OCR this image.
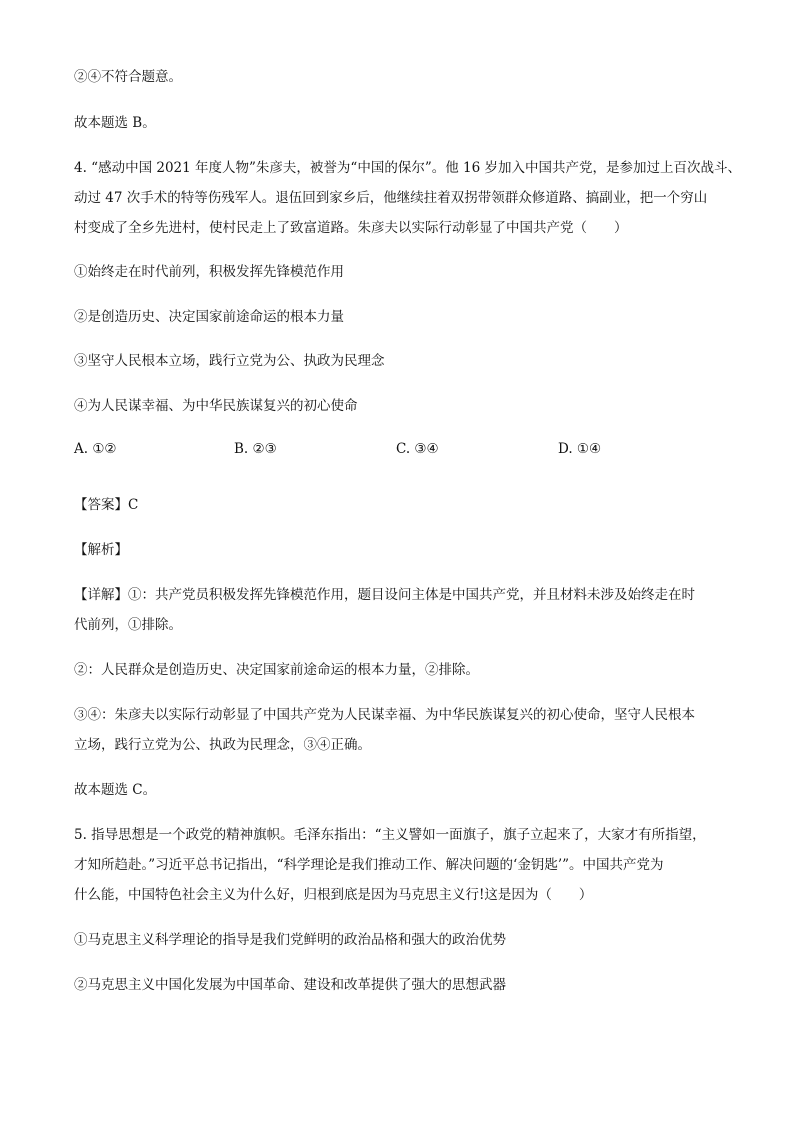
②④不符合题意。
故本题选 B。
4. “感动中国 2021 年度人物”朱彦夫，被誉为“中国的保尔”。他 16 岁加入中国共产党，是参加过上百次战斗、
动过 47 次手术的特等伤残军人。退伍回到家乡后，他继续拄着双拐带领群众修道路、搞副业，把一个穷山
村变成了全乡先进村，使村民走上了致富道路。朱彦夫以实际行动彰显了中国共产党（　　）
①始终走在时代前列，积极发挥先锋模范作用
②是创造历史、决定国家前途命运的根本力量
③坚守人民根本立场，践行立党为公、执政为民理念
④为人民谋幸福、为中华民族谋复兴的初心使命
A. ①②	B. ②③	C. ③④	D. ①④
【答案】C
【解析】
【详解】①：共产党员积极发挥先锋模范作用，题目设问主体是中国共产党，并且材料未涉及始终走在时
代前列，①排除。
②：人民群众是创造历史、决定国家前途命运的根本力量，②排除。
③④：朱彦夫以实际行动彰显了中国共产党为人民谋幸福、为中华民族谋复兴的初心使命，坚守人民根本
立场，践行立党为公、执政为民理念，③④正确。
故本题选 C。
5. 指导思想是一个政党的精神旗帜。毛泽东指出：“主义譬如一面旗子，旗子立起来了，大家才有所指望，
才知所趋赴。”习近平总书记指出，“科学理论是我们推动工作、解决问题的‘金钥匙’”。中国共产党为
什么能，中国特色社会主义为什么好，归根到底是因为马克思主义行!这是因为（　　）
①马克思主义科学理论的指导是我们党鲜明的政治品格和强大的政治优势
②马克思主义中国化发展为中国革命、建设和改革提供了强大的思想武器
